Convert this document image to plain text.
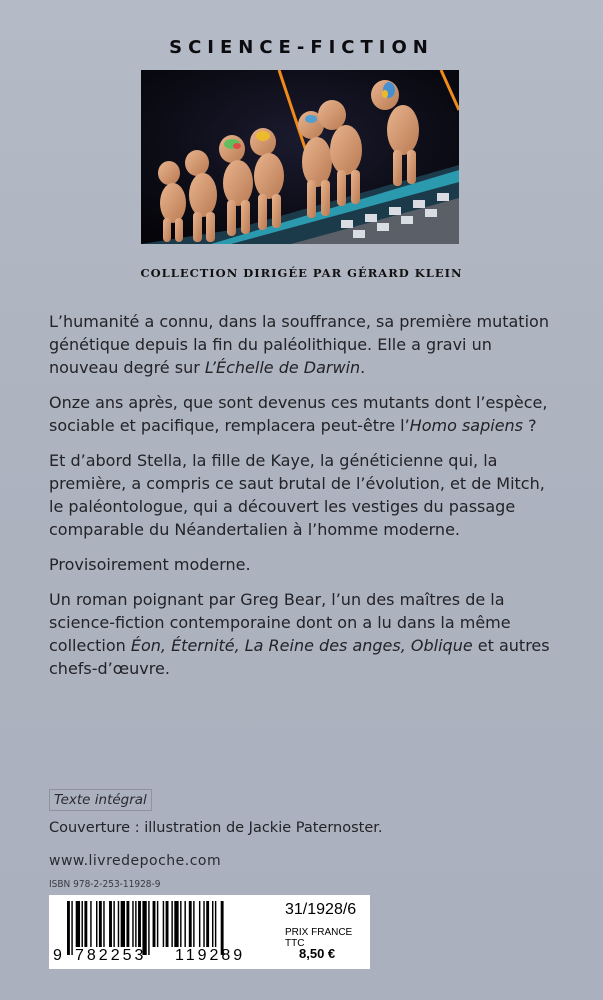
SCIENCE-FICTION
COLLECTION DIRIGÉE PAR GÉRARD KLEIN

L’humanité a connu, dans la souffrance, sa première mutation génétique depuis la fin du paléolithique. Elle a gravi un nouveau degré sur L’Échelle de Darwin.

Onze ans après, que sont devenus ces mutants dont l’espèce, sociable et pacifique, remplacera peut-être l’Homo sapiens ?

Et d’abord Stella, la fille de Kaye, la généticienne qui, la première, a compris ce saut brutal de l’évolution, et de Mitch, le paléontologue, qui a découvert les vestiges du passage comparable du Néandertalien à l’homme moderne.

Provisoirement moderne.

Un roman poignant par Greg Bear, l’un des maîtres de la science-fiction contemporaine dont on a lu dans la même collection Éon, Éternité, La Reine des anges, Oblique et autres chefs-d’œuvre.

Texte intégral
Couverture : illustration de Jackie Paternoster.
www.livredepoche.com
ISBN 978-2-253-11928-9
9 782253 119289
31/1928/6
PRIX FRANCE TTC
8,50 €
